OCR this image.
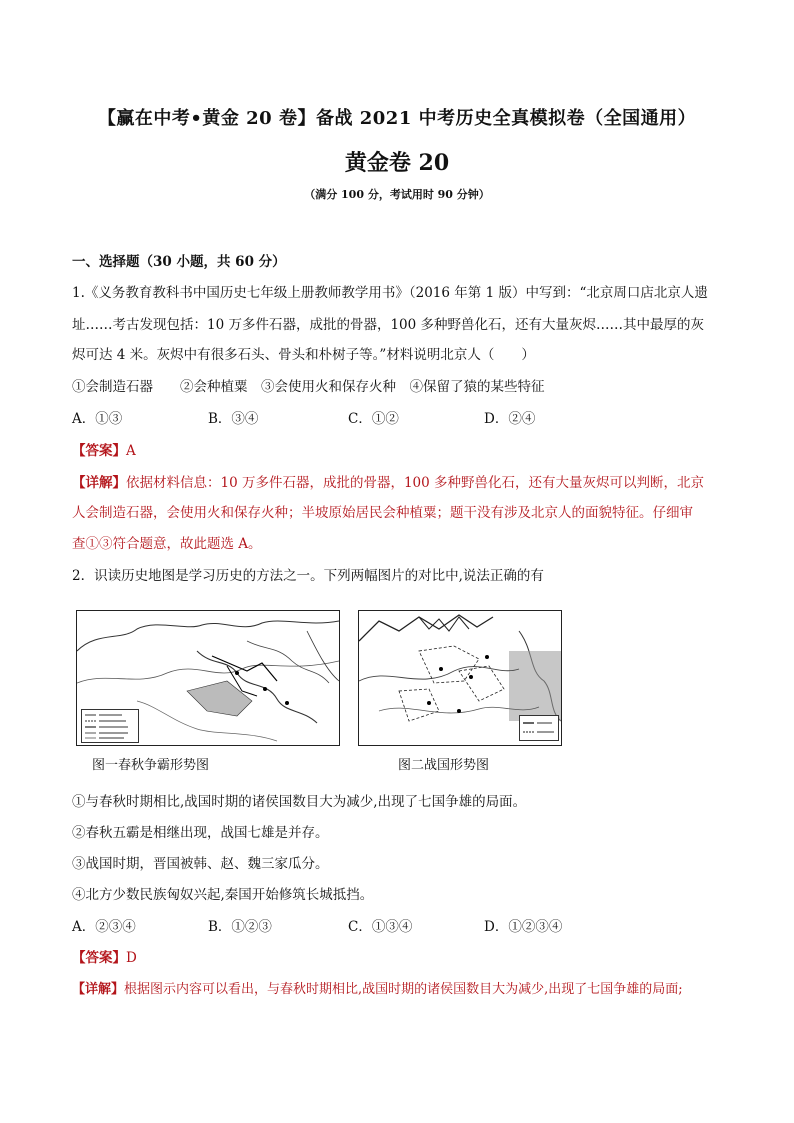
【赢在中考•黄金 20 卷】备战 2021 中考历史全真模拟卷（全国通用）
黄金卷 20
（满分 100 分，考试用时 90 分钟）
一、选择题（30 小题，共 60 分）
1.《义务教育教科书中国历史七年级上册教师教学用书》（2016 年第 1 版）中写到：“北京周口店北京人遗
址……考古发现包括：10 万多件石器，成批的骨器，100 多种野兽化石，还有大量灰烬……其中最厚的灰
烬可达 4 米。灰烬中有很多石头、骨头和朴树子等。”材料说明北京人（　　）
①会制造石器　　②会种植粟　③会使用火和保存火种　④保留了猿的某些特征
A．①③	B．③④	C．①②	D．②④
【答案】A
【详解】依据材料信息：10 万多件石器，成批的骨器，100 多种野兽化石，还有大量灰烬可以判断，北京
人会制造石器，会使用火和保存火种；半坡原始居民会种植粟；题干没有涉及北京人的面貌特征。仔细审
查①③符合题意，故此题选 A。
2．识读历史地图是学习历史的方法之一。下列两幅图片的对比中,说法正确的有
图一春秋争霸形势图	图二战国形势图
①与春秋时期相比,战国时期的诸侯国数目大为减少,出现了七国争雄的局面。
②春秋五霸是相继出现，战国七雄是并存。
③战国时期，晋国被韩、赵、魏三家瓜分。
④北方少数民族匈奴兴起,秦国开始修筑长城抵挡。
A．②③④	B．①②③	C．①③④	D．①②③④
【答案】D
【详解】根据图示内容可以看出，与春秋时期相比,战国时期的诸侯国数目大为减少,出现了七国争雄的局面;
